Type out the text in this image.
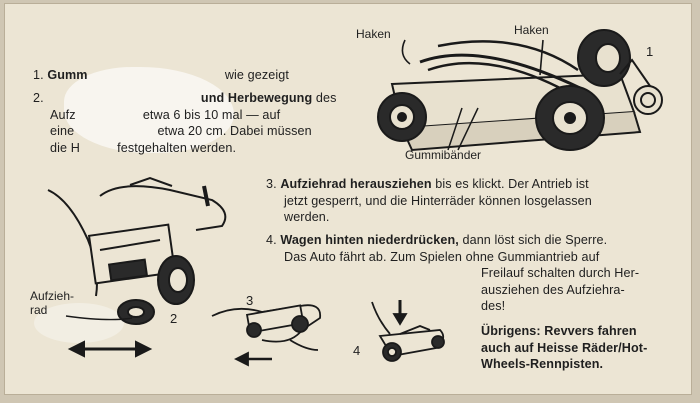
1. Gumm	wie gezeigt
2.	und Herbewegung des
Aufz	etwa 6 bis 10 mal — auf
eine	etwa 20 cm. Dabei müssen
die H	festgehalten werden.
3. Aufziehrad herausziehen bis es klickt. Der Antrieb ist
jetzt gesperrt, und die Hinterräder können losgelassen
werden.
4. Wagen hinten niederdrücken, dann löst sich die Sperre.
Das Auto fährt ab. Zum Spielen ohne Gummiantrieb auf
Freilauf schalten durch Her-
ausziehen des Aufziehra-
des!
Übrigens: Revvers fahren
auch auf Heisse Räder/Hot-
Wheels-Rennpisten.
Haken	Haken
Gummibänder
1
Aufzieh-
rad
2
3
4
